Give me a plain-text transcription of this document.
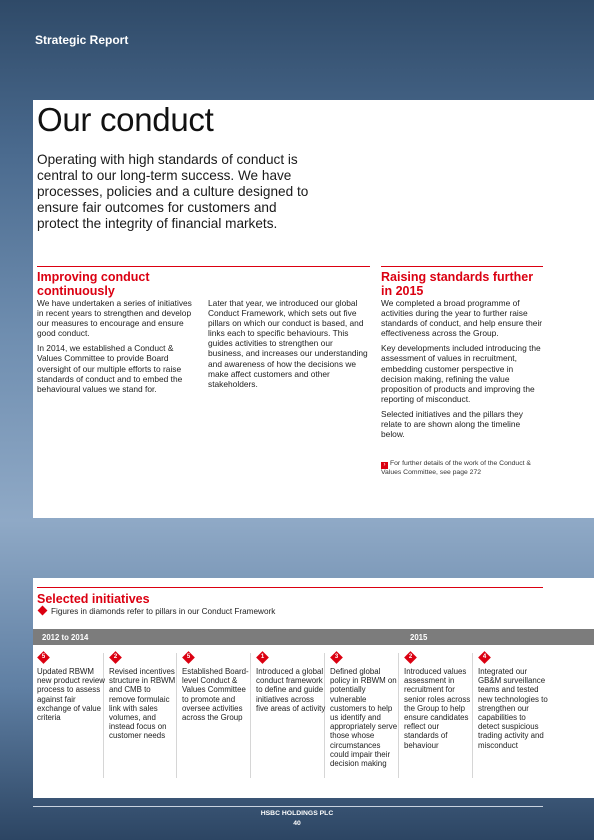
Strategic Report
Our conduct

Operating with high standards of conduct is central to our long-term success. We have processes, policies and a culture designed to ensure fair outcomes for customers and protect the integrity of financial markets.

Improving conduct continuously

We have undertaken a series of initiatives in recent years to strengthen and develop our measures to encourage and ensure good conduct.

In 2014, we established a Conduct & Values Committee to provide Board oversight of our multiple efforts to raise standards of conduct and to embed the behavioural values we stand for.

Later that year, we introduced our global Conduct Framework, which sets out five pillars on which our conduct is based, and links each to specific behaviours. This guides activities to strengthen our business, and increases our understanding and awareness of how the decisions we make affect customers and other stakeholders.

Raising standards further in 2015

We completed a broad programme of activities during the year to further raise standards of conduct, and help ensure their effectiveness across the Group.

Key developments included introducing the assessment of values in recruitment, embedding customer perspective in decision making, refining the value proposition of products and improving the reporting of misconduct.

Selected initiatives and the pillars they relate to are shown along the timeline below.

› For further details of the work of the Conduct & Values Committee, see page 272
Selected initiatives
Figures in diamonds refer to pillars in our Conduct Framework
2012 to 2014	2015
5
Updated RBWM new product review process to assess against fair exchange of value criteria
2
Revised incentives structure in RBWM and CMB to remove formulaic link with sales volumes, and instead focus on customer needs
5
Established Board-level Conduct & Values Committee to promote and oversee activities across the Group
1
Introduced a global conduct framework to define and guide initiatives across five areas of activity
3
Defined global policy in RBWM on potentially vulnerable customers to help us identify and appropriately serve those whose circumstances could impair their decision making
2
Introduced values assessment in recruitment for senior roles across the Group to help ensure candidates reflect our standards of behaviour
4
Integrated our GB&M surveillance teams and tested new technologies to strengthen our capabilities to detect suspicious trading activity and misconduct
HSBC HOLDINGS PLC
40
